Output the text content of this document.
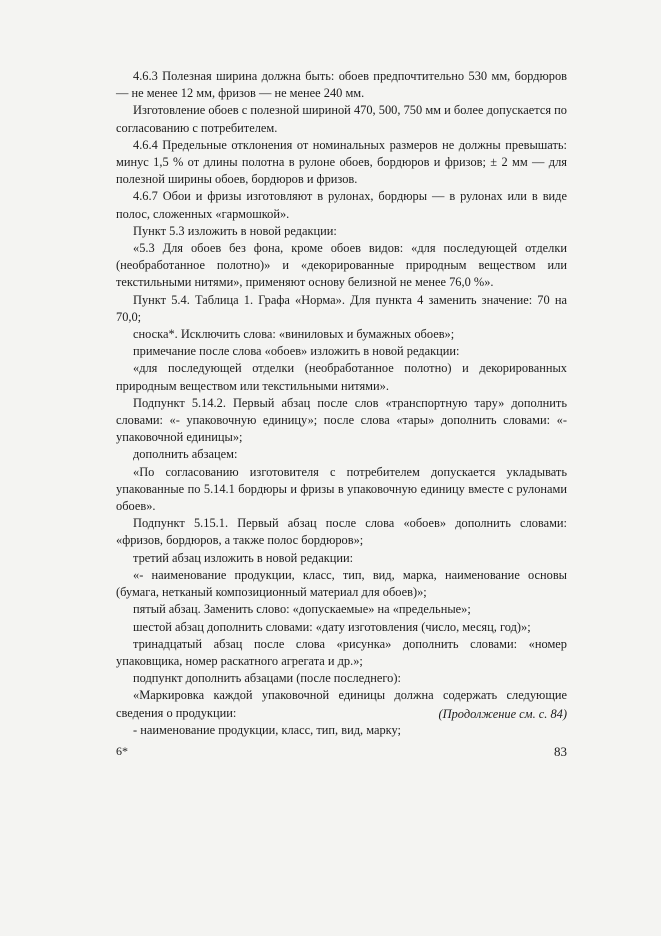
4.6.3 Полезная ширина должна быть: обоев предпочтительно 530 мм, бордюров — не менее 12 мм, фризов — не менее 240 мм.

Изготовление обоев с полезной шириной 470, 500, 750 мм и более допускается по согласованию с потребителем.

4.6.4 Предельные отклонения от номинальных размеров не должны превышать: минус 1,5 % от длины полотна в рулоне обоев, бордюров и фризов; ± 2 мм — для полезной ширины обоев, бордюров и фризов.

4.6.7 Обои и фризы изготовляют в рулонах, бордюры — в рулонах или в виде полос, сложенных «гармошкой».

Пункт 5.3 изложить в новой редакции:

«5.3 Для обоев без фона, кроме обоев видов: «для последующей отделки (необработанное полотно)» и «декорированные природным веществом или текстильными нитями», применяют основу белизной не менее 76,0 %».

Пункт 5.4. Таблица 1. Графа «Норма». Для пункта 4 заменить значение: 70 на 70,0;

сноска*. Исключить слова: «виниловых и бумажных обоев»;

примечание после слова «обоев» изложить в новой редакции:

«для последующей отделки (необработанное полотно) и декорированных природным веществом или текстильными нитями».

Подпункт 5.14.2. Первый абзац после слов «транспортную тару» дополнить словами: «- упаковочную единицу»; после слова «тары» дополнить словами: «- упаковочной единицы»;

дополнить абзацем:

«По согласованию изготовителя с потребителем допускается укладывать упакованные по 5.14.1 бордюры и фризы в упаковочную единицу вместе с рулонами обоев».

Подпункт 5.15.1. Первый абзац после слова «обоев» дополнить словами: «фризов, бордюров, а также полос бордюров»;

третий абзац изложить в новой редакции:

«- наименование продукции, класс, тип, вид, марка, наименование основы (бумага, нетканый композиционный материал для обоев)»;

пятый абзац. Заменить слово: «допускаемые» на «предельные»;

шестой абзац дополнить словами: «дату изготовления (число, месяц, год)»;

тринадцатый абзац после слова «рисунка» дополнить словами: «номер упаковщика, номер раскатного агрегата и др.»;

подпункт дополнить абзацами (после последнего):

«Маркировка каждой упаковочной единицы должна содержать следующие сведения о продукции:

- наименование продукции, класс, тип, вид, марку;

(Продолжение см. с. 84)
6*	83
